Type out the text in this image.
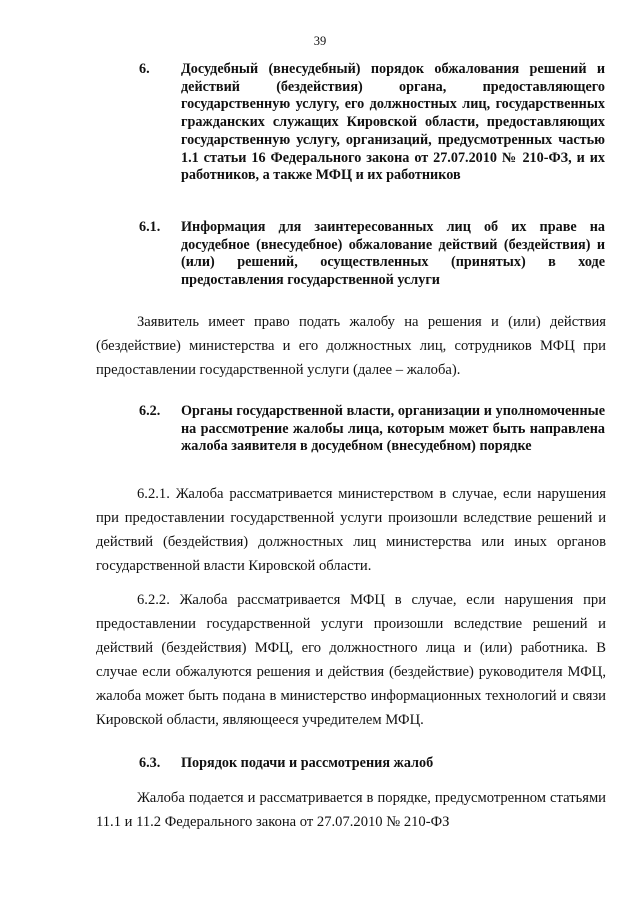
39
6. Досудебный (внесудебный) порядок обжалования решений и действий (бездействия) органа, предоставляющего государственную услугу, его должностных лиц, государственных гражданских служащих Кировской области, предоставляющих государственную услугу, организаций, предусмотренных частью 1.1 статьи 16 Федерального закона от 27.07.2010 № 210-ФЗ, и их работников, а также МФЦ и их работников
6.1. Информация для заинтересованных лиц об их праве на досудебное (внесудебное) обжалование действий (бездействия) и (или) решений, осуществленных (принятых) в ходе предоставления государственной услуги

Заявитель имеет право подать жалобу на решения и (или) действия (бездействие) министерства и его должностных лиц, сотрудников МФЦ при предоставлении государственной услуги (далее – жалоба).

6.2. Органы государственной власти, организации и уполномоченные на рассмотрение жалобы лица, которым может быть направлена жалоба заявителя в досудебном (внесудебном) порядке

6.2.1. Жалоба рассматривается министерством в случае, если нарушения при предоставлении государственной услуги произошли вследствие решений и действий (бездействия) должностных лиц министерства или иных органов государственной власти Кировской области.

6.2.2. Жалоба рассматривается МФЦ в случае, если нарушения при предоставлении государственной услуги произошли вследствие решений и действий (бездействия) МФЦ, его должностного лица и (или) работника. В случае если обжалуются решения и действия (бездействие) руководителя МФЦ, жалоба может быть подана в министерство информационных технологий и связи Кировской области, являющееся учредителем МФЦ.

6.3. Порядок подачи и рассмотрения жалоб

Жалоба подается и рассматривается в порядке, предусмотренном статьями 11.1 и 11.2 Федерального закона от 27.07.2010 № 210-ФЗ
